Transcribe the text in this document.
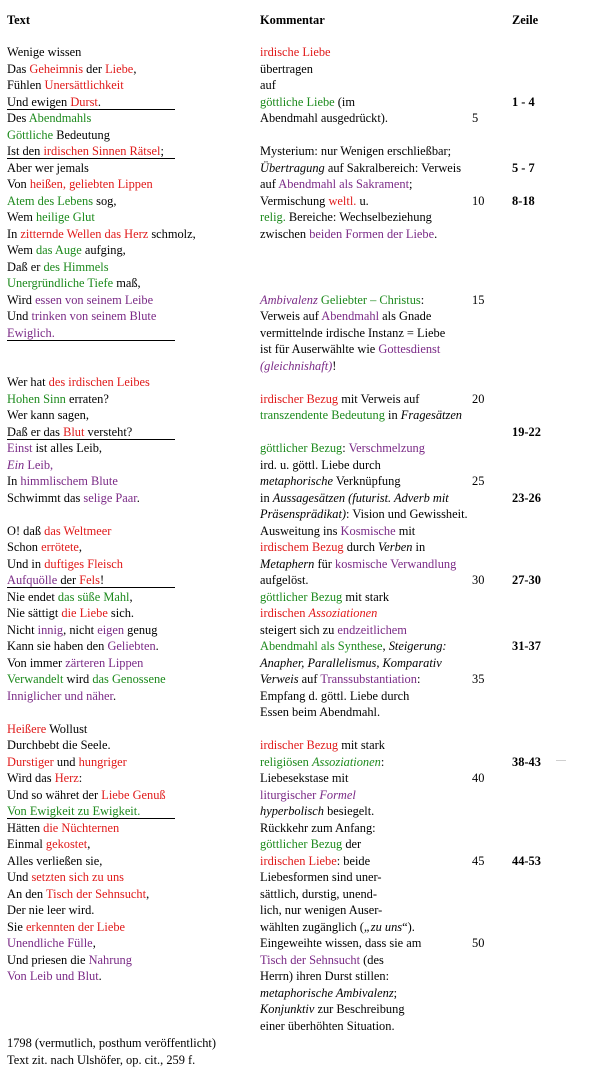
Text
Wenige wissen
Das Geheimnis der Liebe,
Fühlen Unersättlichkeit
Und ewigen Durst.
Des Abendmahls
Göttliche Bedeutung
Ist den irdischen Sinnen Rätsel;
Aber wer jemals
Von heißen, geliebten Lippen
Atem des Lebens sog,
Wem heilige Glut
In zitternde Wellen das Herz schmolz,
Wem das Auge aufging,
Daß er des Himmels
Unergründliche Tiefe maß,
Wird essen von seinem Leibe
Und trinken von seinem Blute
Ewiglich.
Wer hat des irdischen Leibes
Hohen Sinn erraten?
Wer kann sagen,
Daß er das Blut versteht?
Einst ist alles Leib,
Ein Leib,
In himmlischem Blute
Schwimmt das selige Paar.
O! daß das Weltmeer
Schon errötete,
Und in duftiges Fleisch
Aufquölle der Fels!
Nie endet das süße Mahl,
Nie sättigt die Liebe sich.
Nicht innig, nicht eigen genug
Kann sie haben den Geliebten.
Von immer zärteren Lippen
Verwandelt wird das Genossene
Inniglicher und näher.
Heißere Wollust
Durchbebt die Seele.
Durstiger und hungriger
Wird das Herz:
Und so währet der Liebe Genuß
Von Ewigkeit zu Ewigkeit.
Hätten die Nüchternen
Einmal gekostet,
Alles verließen sie,
Und setzten sich zu uns
An den Tisch der Sehnsucht,
Der nie leer wird.
Sie erkennten der Liebe
Unendliche Fülle,
Und priesen die Nahrung
Von Leib und Blut.
Kommentar
irdische Liebe
übertragen
auf
göttliche Liebe (im
Abendmahl ausgedrückt).
Mysterium: nur Wenigen erschließbar;
Übertragung auf Sakralbereich: Verweis
auf Abendmahl als Sakrament;
Vermischung weltl. u.
relig. Bereiche: Wechselbeziehung
zwischen beiden Formen der Liebe.
Ambivalenz Geliebter – Christus:
Verweis auf Abendmahl als Gnade
vermittelnde irdische Instanz = Liebe
ist für Auserwählte wie Gottesdienst
(gleichnishaft)!
irdischer Bezug mit Verweis auf
transzendente Bedeutung in Fragesätzen
göttlicher Bezug: Verschmelzung
ird. u. göttl. Liebe durch
metaphorische Verknüpfung
in Aussagesätzen (futurist. Adverb mit
Präsensprädikat): Vision und Gewissheit.
Ausweitung ins Kosmische mit
irdischem Bezug durch Verben in
Metaphern für kosmische Verwandlung
aufgelöst.
göttlicher Bezug mit stark
irdischen Assoziationen
steigert sich zu endzeitlichem
Abendmahl als Synthese, Steigerung:
Anapher, Parallelismus, Komparativ
Verweis auf Transsubstantiation:
Empfang d. göttl. Liebe durch
Essen beim Abendmahl.
irdischer Bezug mit stark
religiösen Assoziationen:
Liebesekstase mit
liturgischer Formel
hyperbolisch besiegelt.
Rückkehr zum Anfang:
göttlicher Bezug der
irdischen Liebe: beide
Liebesformen sind uner-
sättlich, durstig, unend-
lich, nur wenigen Auser-
wählten zugänglich („zu uns“).
Eingeweihte wissen, dass sie am
Tisch der Sehnsucht (des
Herrn) ihren Durst stillen:
metaphorische Ambivalenz;
Konjunktiv zur Beschreibung
einer überhöhten Situation.
5
10
15
20
25
30
35
40
45
50
Zeile
1 - 4
5 - 7
8-18
19-22
23-26
27-30
31-37
38-43
44-53
1798 (vermutlich, posthum veröffentlicht)
Text zit. nach Ulshöfer, op. cit., 259 f.
